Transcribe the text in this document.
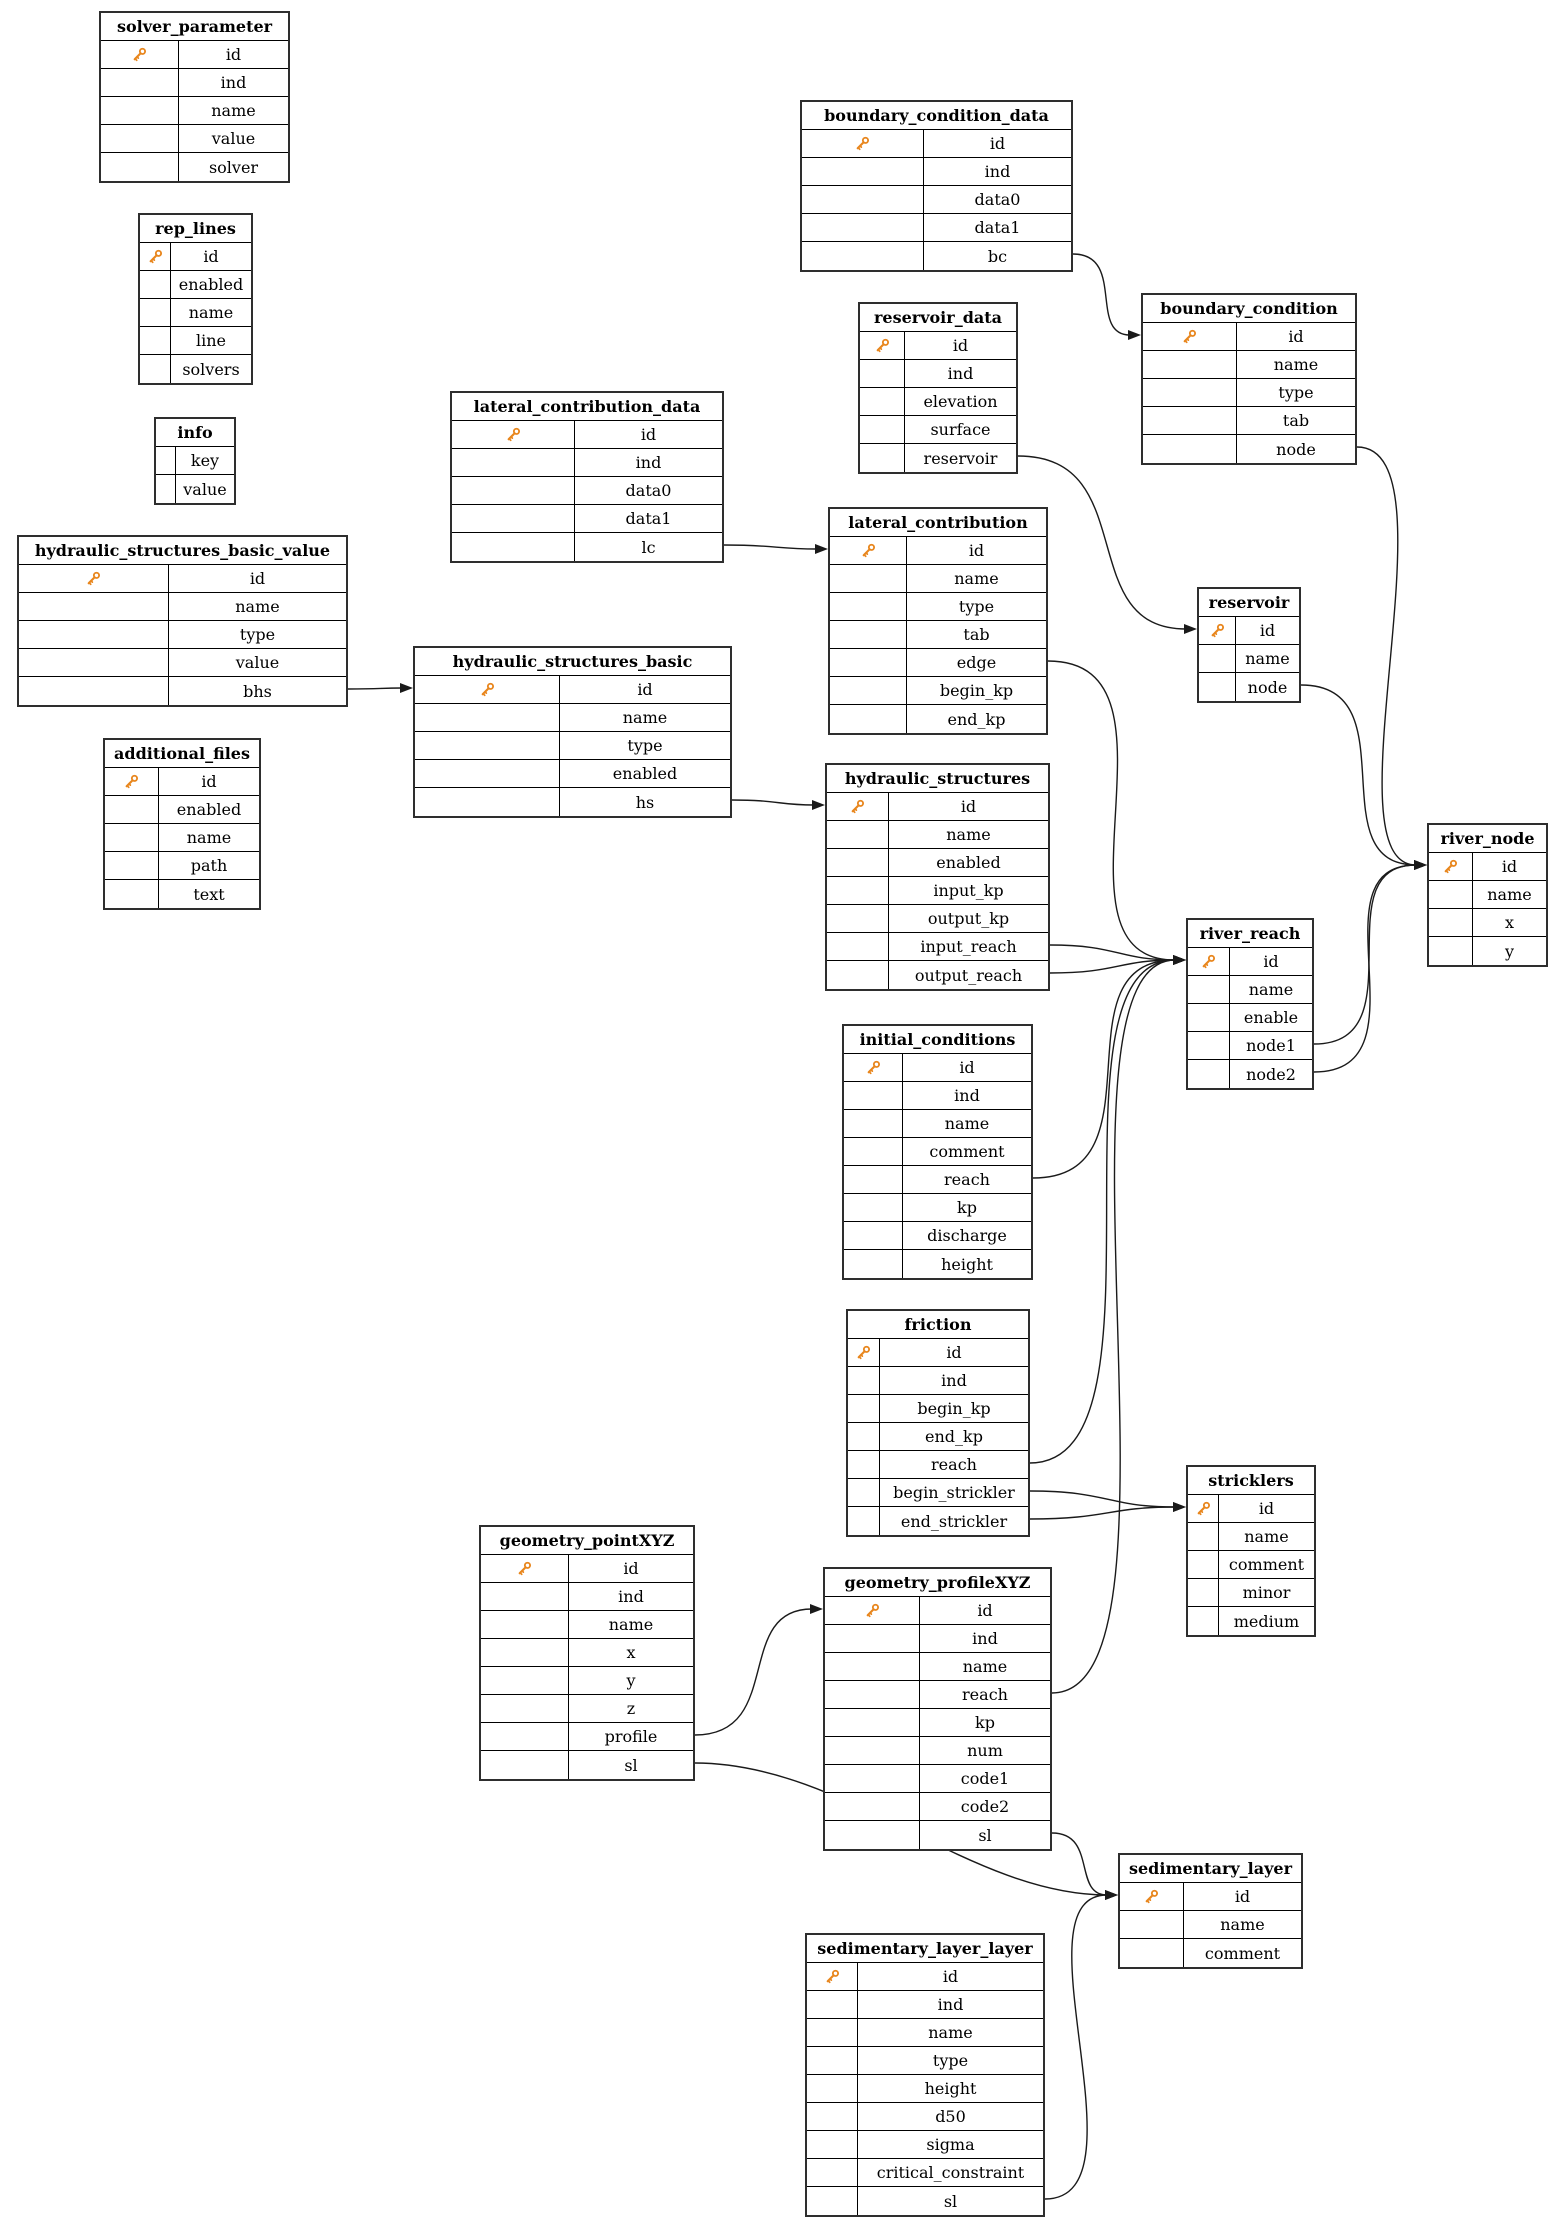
solver_parameter
id
ind
name
value
solver
rep_lines
id
enabled
name
line
solvers
info
key
value
hydraulic_structures_basic_value
id
name
type
value
bhs
additional_files
id
enabled
name
path
text
boundary_condition_data
id
ind
data0
data1
bc
reservoir_data
id
ind
elevation
surface
reservoir
lateral_contribution_data
id
ind
data0
data1
lc
hydraulic_structures_basic
id
name
type
enabled
hs
lateral_contribution
id
name
type
tab
edge
begin_kp
end_kp
hydraulic_structures
id
name
enabled
input_kp
output_kp
input_reach
output_reach
boundary_condition
id
name
type
tab
node
reservoir
id
name
node
river_node
id
name
x
y
river_reach
id
name
enable
node1
node2
initial_conditions
id
ind
name
comment
reach
kp
discharge
height
friction
id
ind
begin_kp
end_kp
reach
begin_strickler
end_strickler
stricklers
id
name
comment
minor
medium
geometry_pointXYZ
id
ind
name
x
y
z
profile
sl
geometry_profileXYZ
id
ind
name
reach
kp
num
code1
code2
sl
sedimentary_layer
id
name
comment
sedimentary_layer_layer
id
ind
name
type
height
d50
sigma
critical_constraint
sl
